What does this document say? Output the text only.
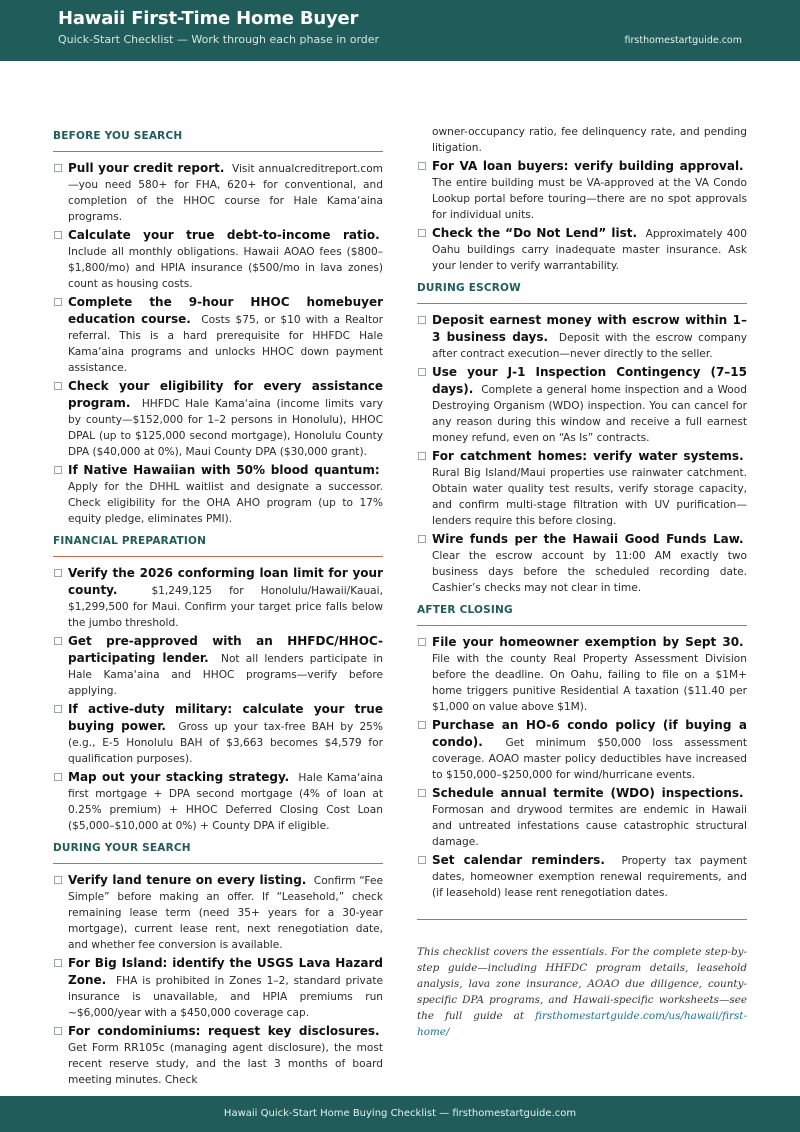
Hawaii First-Time Home Buyer
Quick-Start Checklist — Work through each phase in order	firsthomestartguide.com
BEFORE YOU SEARCH
Pull your credit report. Visit annualcreditreport.com—you need 580+ for FHA, 620+ for conventional, and completion of the HHOC course for Hale Kama‘aina programs.
Calculate your true debt-to-income ratio.  Include all monthly obligations. Hawaii AOAO fees ($800–$1,800/mo) and HPIA insurance ($500/mo in lava zones) count as housing costs.
Complete the 9-hour HHOC homebuyer education course. Costs $75, or $10 with a Realtor referral. This is a hard prerequisite for HHFDC Hale Kama‘aina programs and unlocks HHOC down payment assistance.
Check your eligibility for every assistance program. HHFDC Hale Kama‘aina (income limits vary by county—$152,000 for 1–2 persons in Honolulu), HHOC DPAL (up to $125,000 second mortgage), Honolulu County DPA ($40,000 at 0%), Maui County DPA ($30,000 grant).
If Native Hawaiian with 50% blood quantum:  Apply for the DHHL waitlist and designate a successor. Check eligibility for the OHA AHO program (up to 17% equity pledge, eliminates PMI).
FINANCIAL PREPARATION
Verify the 2026 conforming loan limit for your county.	$1,249,125 for Honolulu/Hawaii/Kauai, $1,299,500 for Maui. Confirm your target price falls below the jumbo threshold.
Get pre-approved with an HHFDC/HHOC-participating lender. Not all lenders participate in Hale Kama‘aina and HHOC programs—verify before applying.
If active-duty military: calculate your true buying power. Gross up your tax-free BAH by 25% (e.g., E-5 Honolulu BAH of $3,663 becomes $4,579 for qualification purposes).
Map out your stacking strategy. Hale Kama‘aina first mortgage + DPA second mortgage (4% of loan at 0.25% premium) + HHOC Deferred Closing Cost Loan ($5,000–$10,000 at 0%) + County DPA if eligible.
DURING YOUR SEARCH
Verify land tenure on every listing. Confirm “Fee Simple” before making an offer. If “Leasehold,” check remaining lease term (need 35+ years for a 30-year mortgage), current lease rent, next renegotiation date, and whether fee conversion is available.
For Big Island: identify the USGS Lava Hazard Zone. FHA is prohibited in Zones 1–2, standard private insurance is unavailable, and HPIA premiums run ~$6,000/year with a $450,000 coverage cap.
For condominiums: request key disclosures.  Get Form RR105c (managing agent disclosure), the most recent reserve study, and the last 3 months of board meeting minutes. Check
owner-occupancy ratio, fee delinquency rate, and pending litigation.
For VA loan buyers: verify building approval.  The entire building must be VA-approved at the VA Condo Lookup portal before touring—there are no spot approvals for individual units.
Check the “Do Not Lend” list. Approximately 400 Oahu buildings carry inadequate master insurance. Ask your lender to verify warrantability.
DURING ESCROW
Deposit earnest money with escrow within 1–3 business days. Deposit with the escrow company after contract execution—never directly to the seller.
Use your J-1 Inspection Contingency (7–15 days). Complete a general home inspection and a Wood Destroying Organism (WDO) inspection. You can cancel for any reason during this window and receive a full earnest money refund, even on “As Is” contracts.
For catchment homes: verify water systems.  Rural Big Island/Maui properties use rainwater catchment. Obtain water quality test results, verify storage capacity, and confirm multi-stage filtration with UV purification—lenders require this before closing.
Wire funds per the Hawaii Good Funds Law.  Clear the escrow account by 11:00 AM exactly two business days before the scheduled recording date. Cashier’s checks may not clear in time.
AFTER CLOSING
File your homeowner exemption by Sept 30.  File with the county Real Property Assessment Division before the deadline. On Oahu, failing to file on a $1M+ home triggers punitive Residential A taxation ($11.40 per $1,000 on value above $1M).
Purchase an HO-6 condo policy (if buying a condo). Get minimum $50,000 loss assessment coverage. AOAO master policy deductibles have increased to $150,000–$250,000 for wind/hurricane events.
Schedule annual termite (WDO) inspections.  Formosan and drywood termites are endemic in Hawaii and untreated infestations cause catastrophic structural damage.
Set calendar reminders. Property tax payment dates, homeowner exemption renewal requirements, and (if leasehold) lease rent renegotiation dates.
This checklist covers the essentials. For the complete step-by-step guide—including HHFDC program details, leasehold analysis, lava zone insurance, AOAO due diligence, county-specific DPA programs, and Hawaii-specific worksheets—see the full guide at firsthomestartguide.com/us/hawaii/first-home/
Hawaii Quick-Start Home Buying Checklist — firsthomestartguide.com
